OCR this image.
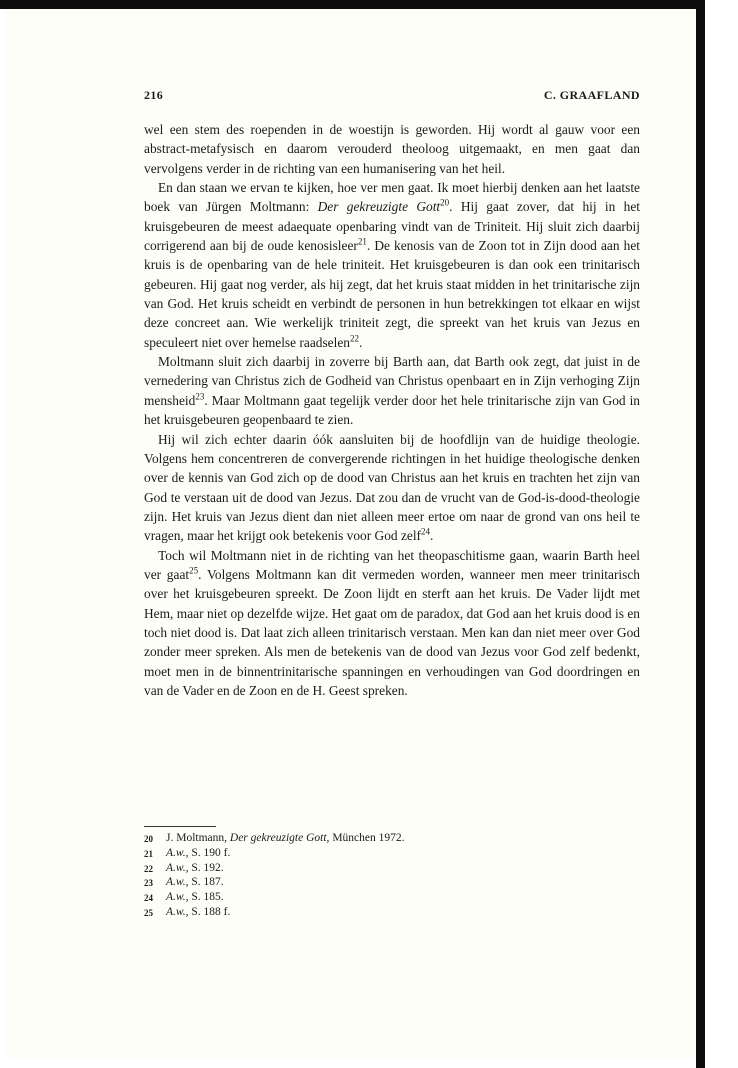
216	C. GRAAFLAND

wel een stem des roependen in de woestijn is geworden. Hij wordt al gauw voor een abstract-metafysisch en daarom verouderd theoloog uitgemaakt, en men gaat dan vervolgens verder in de richting van een humanisering van het heil.

En dan staan we ervan te kijken, hoe ver men gaat. Ik moet hierbij denken aan het laatste boek van Jürgen Moltmann: Der gekreuzigte Gott$^{20}$. Hij gaat zover, dat hij in het kruisgebeuren de meest adaequate openbaring vindt van de Triniteit. Hij sluit zich daarbij corrigerend aan bij de oude kenosisleer$^{21}$. De kenosis van de Zoon tot in Zijn dood aan het kruis is de openbaring van de hele triniteit. Het kruisgebeuren is dan ook een trinitarisch gebeuren. Hij gaat nog verder, als hij zegt, dat het kruis staat midden in het trinitarische zijn van God. Het kruis scheidt en verbindt de personen in hun betrekkingen tot elkaar en wijst deze concreet aan. Wie werkelijk triniteit zegt, die spreekt van het kruis van Jezus en speculeert niet over hemelse raadselen$^{22}$.

Moltmann sluit zich daarbij in zoverre bij Barth aan, dat Barth ook zegt, dat juist in de vernedering van Christus zich de Godheid van Christus openbaart en in Zijn verhoging Zijn mensheid$^{23}$. Maar Moltmann gaat tegelijk verder door het hele trinitarische zijn van God in het kruisgebeuren geopenbaard te zien.

Hij wil zich echter daarin óók aansluiten bij de hoofdlijn van de huidige theologie. Volgens hem concentreren de convergerende richtingen in het huidige theologische denken over de kennis van God zich op de dood van Christus aan het kruis en trachten het zijn van God te verstaan uit de dood van Jezus. Dat zou dan de vrucht van de God-is-dood-theologie zijn. Het kruis van Jezus dient dan niet alleen meer ertoe om naar de grond van ons heil te vragen, maar het krijgt ook betekenis voor God zelf$^{24}$.

Toch wil Moltmann niet in de richting van het theopaschitisme gaan, waarin Barth heel ver gaat$^{25}$. Volgens Moltmann kan dit vermeden worden, wanneer men meer trinitarisch over het kruisgebeuren spreekt. De Zoon lijdt en sterft aan het kruis. De Vader lijdt met Hem, maar niet op dezelfde wijze. Het gaat om de paradox, dat God aan het kruis dood is en toch niet dood is. Dat laat zich alleen trinitarisch verstaan. Men kan dan niet meer over God zonder meer spreken. Als men de betekenis van de dood van Jezus voor God zelf bedenkt, moet men in de binnentrinitarische spanningen en verhoudingen van God doordringen en van de Vader en de Zoon en de H. Geest spreken.

20	J. Moltmann, Der gekreuzigte Gott, München 1972.
21	A.w., S. 190 f.
22	A.w., S. 192.
23	A.w., S. 187.
24	A.w., S. 185.
25	A.w., S. 188 f.
